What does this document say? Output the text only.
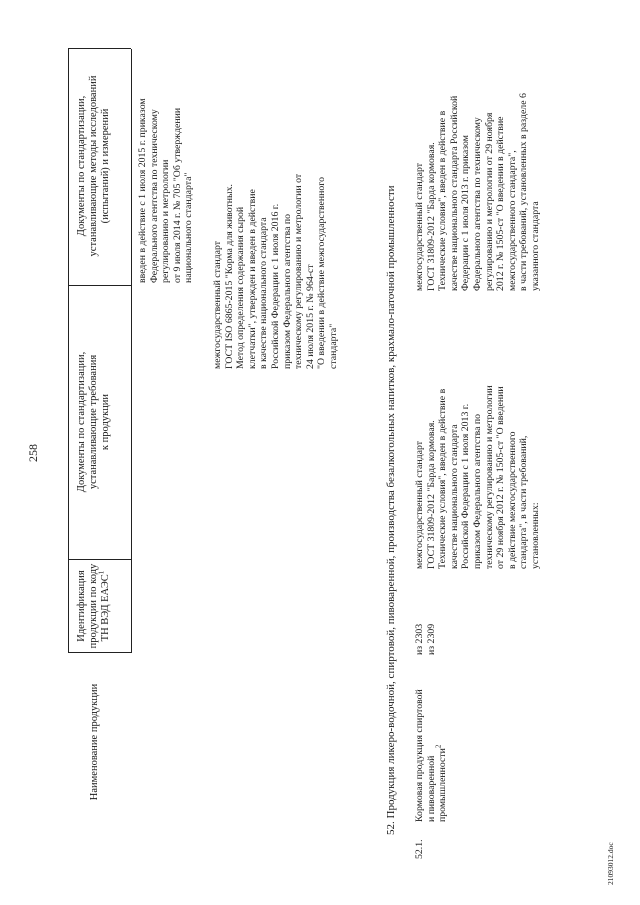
258
Наименование продукции
Идентификация
продукции по коду
ТН ВЭД ЕАЭС$^1$
Документы по стандартизации,
устанавливающие требования
к продукции
Документы по стандартизации,
устанавливающие методы исследований
(испытаний) и измерений
введен в действие с 1 июля 2015 г. приказом
Федерального агентства по техническому
регулированию и метрологии
от 9 июля 2014 г. № 705 "Об утверждении
национального стандарта"
межгосударственный стандарт
ГОСТ ISO 6865-2015 "Корма для животных.
Метод определения содержания сырой
клетчатки", утвержден и введен в действие
в качестве национального стандарта
Российской Федерации с 1 июля 2016 г.
приказом Федерального агентства по
техническому регулированию и метрологии от
24 июля 2015 г. № 964-ст
"О введении в действие межгосударственного
стандарта"	52. Продукция ликеро-водочной, спиртовой, пивоваренной, производства безалкогольных напитков, крахмало-паточной промышленности
52.1.
Кормовая продукция спиртовой
и пивоваренной
промышленности$^2$
из 2303
из 2309
межгосударственный стандарт
ГОСТ 31809-2012 "Барда кормовая.
Технические условия", введен в действие в
качестве национального стандарта
Российской Федерации с 1 июля 2013 г.
приказом Федерального агентства по
техническому регулированию и метрологии
от 29 ноября 2012 г. № 1505-ст "О введении
в действие межгосударственного
стандарта", в части требований,
установленных:
межгосударственный стандарт
ГОСТ 31809-2012 "Барда кормовая.
Технические условия", введен в действие в
качестве национального стандарта Российской
Федерации с 1 июля 2013 г. приказом
Федерального агентства по техническому
регулированию и метрологии от 29 ноября
2012 г. № 1505-ст "О введении в действие
межгосударственного стандарта",
в части требований, установленных в разделе 6
указанного стандарта
21093012.doc
